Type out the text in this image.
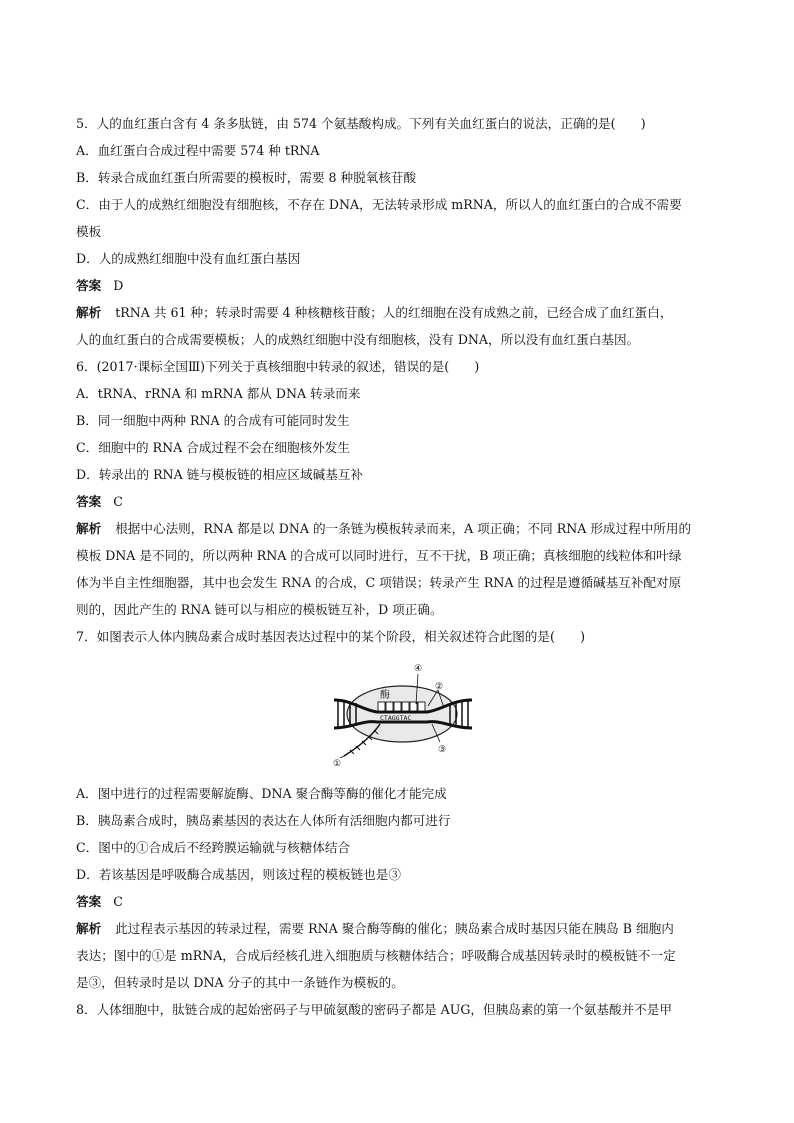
5．人的血红蛋白含有 4 条多肽链，由 574 个氨基酸构成。下列有关血红蛋白的说法，正确的是(　　)
A．血红蛋白合成过程中需要 574 种 tRNA
B．转录合成血红蛋白所需要的模板时，需要 8 种脱氧核苷酸
C．由于人的成熟红细胞没有细胞核，不存在 DNA，无法转录形成 mRNA，所以人的血红蛋白的合成不需要
模板
D．人的成熟红细胞中没有血红蛋白基因
答案 D
解析 tRNA 共 61 种；转录时需要 4 种核糖核苷酸；人的红细胞在没有成熟之前，已经合成了血红蛋白，
人的血红蛋白的合成需要模板；人的成熟红细胞中没有细胞核，没有 DNA，所以没有血红蛋白基因。
6．(2017·课标全国Ⅲ)下列关于真核细胞中转录的叙述，错误的是(　　)
A．tRNA、rRNA 和 mRNA 都从 DNA 转录而来
B．同一细胞中两种 RNA 的合成有可能同时发生
C．细胞中的 RNA 合成过程不会在细胞核外发生
D．转录出的 RNA 链与模板链的相应区域碱基互补
答案 C
解析 根据中心法则，RNA 都是以 DNA 的一条链为模板转录而来，A 项正确；不同 RNA 形成过程中所用的
模板 DNA 是不同的，所以两种 RNA 的合成可以同时进行，互不干扰，B 项正确；真核细胞的线粒体和叶绿
体为半自主性细胞器，其中也会发生 RNA 的合成，C 项错误；转录产生 RNA 的过程是遵循碱基互补配对原
则的，因此产生的 RNA 链可以与相应的模板链互补，D 项正确。
7．如图表示人体内胰岛素合成时基因表达过程中的某个阶段，相关叙述符合此图的是(　　)
CTAGGTAC
酶
①
②
③
④
A．图中进行的过程需要解旋酶、DNA 聚合酶等酶的催化才能完成
B．胰岛素合成时，胰岛素基因的表达在人体所有活细胞内都可进行
C．图中的①合成后不经跨膜运输就与核糖体结合
D．若该基因是呼吸酶合成基因，则该过程的模板链也是③
答案 C
解析 此过程表示基因的转录过程，需要 RNA 聚合酶等酶的催化；胰岛素合成时基因只能在胰岛 B 细胞内
表达；图中的①是 mRNA，合成后经核孔进入细胞质与核糖体结合；呼吸酶合成基因转录时的模板链不一定
是③，但转录时是以 DNA 分子的其中一条链作为模板的。
8．人体细胞中，肽链合成的起始密码子与甲硫氨酸的密码子都是 AUG，但胰岛素的第一个氨基酸并不是甲
